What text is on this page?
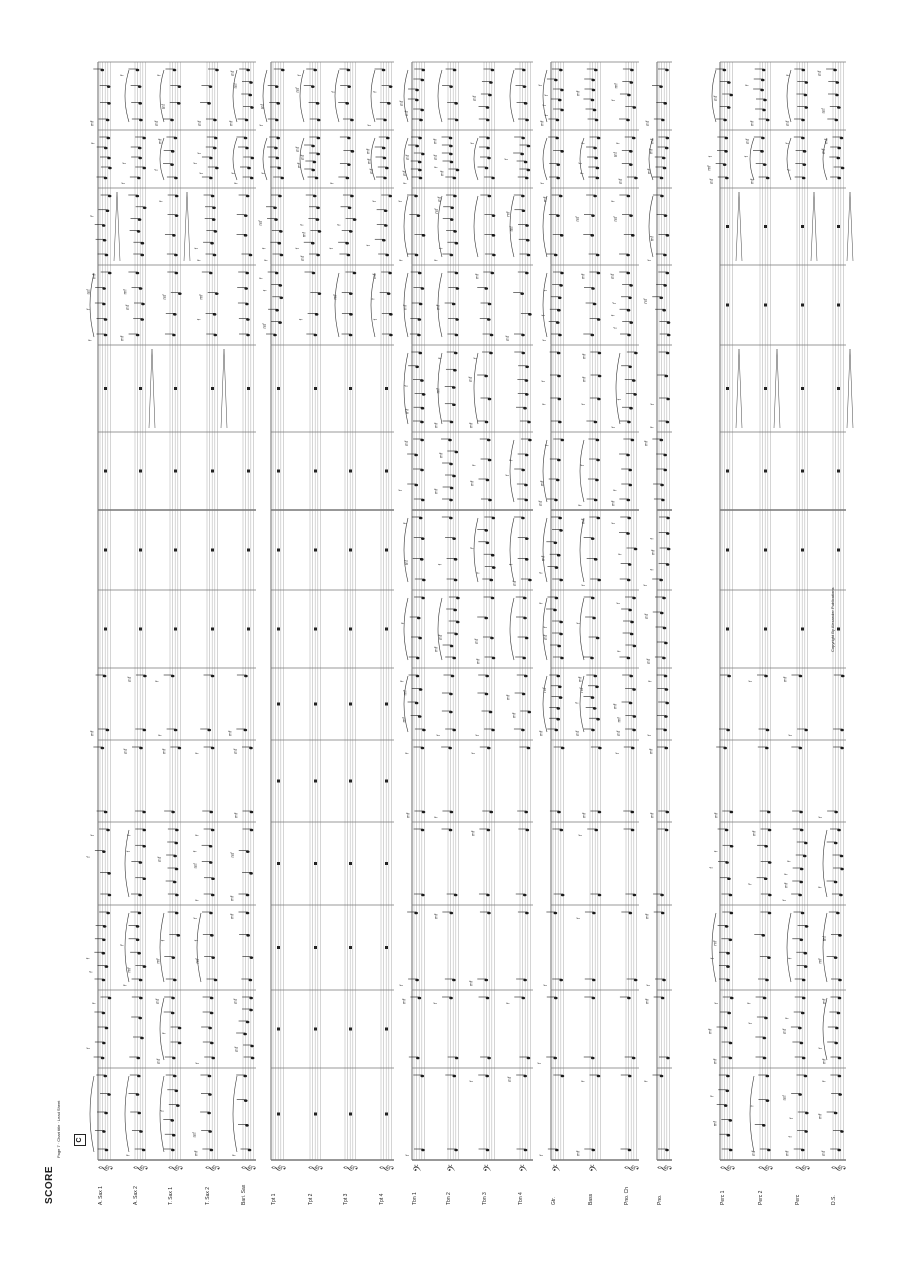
𝄞 𝄞 𝄞 𝄞 𝄞 𝄞 𝄞 𝄞 𝄞 𝄢 𝄢 𝄢 𝄢 𝄢 𝄢 𝄞 𝄞	𝄞 𝄞 𝄞 𝄞
f
f
f
f
f
f
mf
f
f
mf
mf
f
f
mf
f
f
mf
f
f
f
mf
mf
mf
mf
mf
f
f
f
f
mf
f
mf
mf
f
mf
mf
f
f
mf
f
f
mf
mf
mf
f
mf
mf
f
mf
f
f
f
mf
f
f
f
f
mf
f
f
f
f
f
mf
f
mf
mf
mf
mf
mf
mf
mf
mf
f
f
mf
mf
mf
mf
f
f
f
f
mf
f
f
mf
f
mf
f
mf
f
mf
mf
mf
mf
f
mf
f
f
f
f
f
f
mf
f
f
mf
mf
mf
f
f
f
mf
f
mf
f
mf
mf
f
f
mf
f
f
mf
mf
f
mf
f
f
f
mf
mf
mf
mf
f
mf
f
f
mf
mf
f
mf
mf
mf
mf
f
mf
f
f
mf
mf
mf
f
mf
mf
f
mf
mf
f
f
mf
mf
f
f
mf
f
mf
mf
f
mf
f
mf
mf
f
mf
mf
mf
f
f
f
mf
mf
mf
f
f
f
f
mf
mf
mf
f
f
f
mf
mf
mf
f
f
f
f
f
f
mf
f
mf
f
f
f
f
mf
f
f
f
mf
mf
f
mf
mf
f
f
mf
f
f
f
mf
mf
mf
mf
f
f
f
mf
f
mf
mf
mf
f
f
f
f
mf
f
f
f
f
f
f
mf
mf
f
mf
mf
f
f
mf
f
mf
f
mf
mf
mf
f
f
mf
mf
f
f
mf
f
mf
f
f
mf
f
mf
mf
mf
mf
mf
mf
f
mf
mf
f
f
mf
f
f
mf
mf
mf
f
mf
mf
f
f
f
f
mf
f
mf
f
mf
mf
f
mf
f
f
mf
mf
f
f
f
mf
f
f
f
mf
f
f
mf
f
mf
mf
f
mf
f
mf
mf
mf
f
f
mf
mf
mf
mf
SCORE
Page 7 · Chart title · Lead Sheet C
Copyright By Alexander Publications
A. Sax 1	A. Sax 2	T. Sax 1	T. Sax 2	Bari. Sax	Tpt 1	Tpt 2	Tpt 3	Tpt 4	Tbn 1	Tbn 2	Tbn 3	Tbn 4	Gtr.	Bass	Pno. Ch	Pno.	Perc 1	Perc 2	Perc	D.S.
